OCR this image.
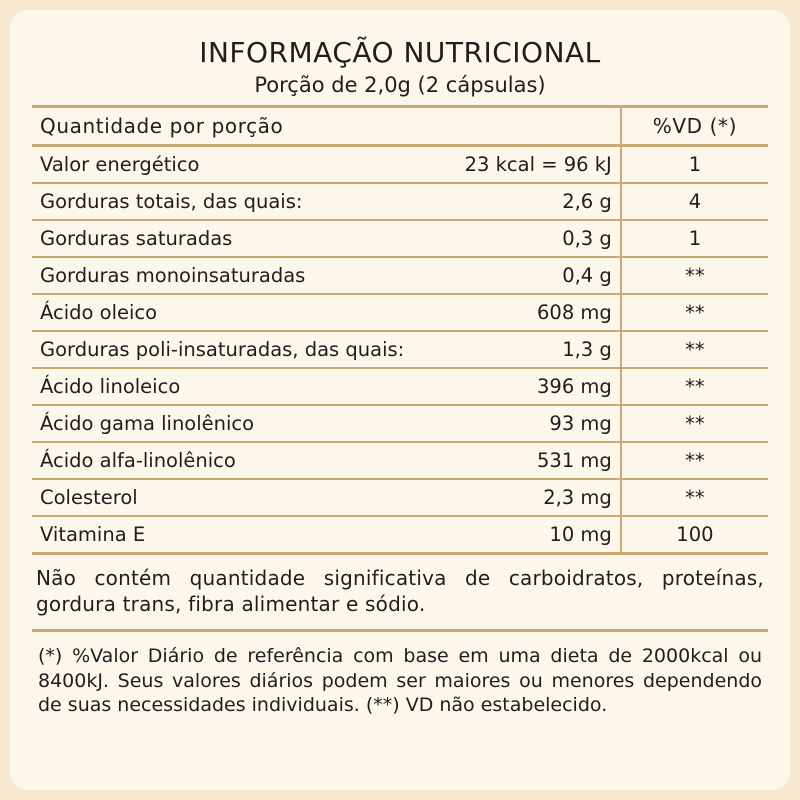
INFORMAÇÃO NUTRICIONAL
Porção de 2,0g (2 cápsulas)
Quantidade por porção		%VD (*)
Valor energético	23 kcal = 96 kJ	1
Gorduras totais, das quais:	2,6 g	4
Gorduras saturadas	0,3 g	1
Gorduras monoinsaturadas	0,4 g	**
Ácido oleico	608 mg	**
Gorduras poli-insaturadas, das quais:	1,3 g	**
Ácido linoleico	396 mg	**
Ácido gama linolênico	93 mg	**
Ácido alfa-linolênico	531 mg	**
Colesterol	2,3 mg	**
Vitamina E	10 mg	100
Não contém quantidade significativa de carboidratos, proteínas, gordura trans, fibra alimentar e sódio.
(*) %Valor Diário de referência com base em uma dieta de 2000kcal ou 8400kJ. Seus valores diários podem ser maiores ou menores dependendo de suas necessidades individuais. (**) VD não estabelecido.
